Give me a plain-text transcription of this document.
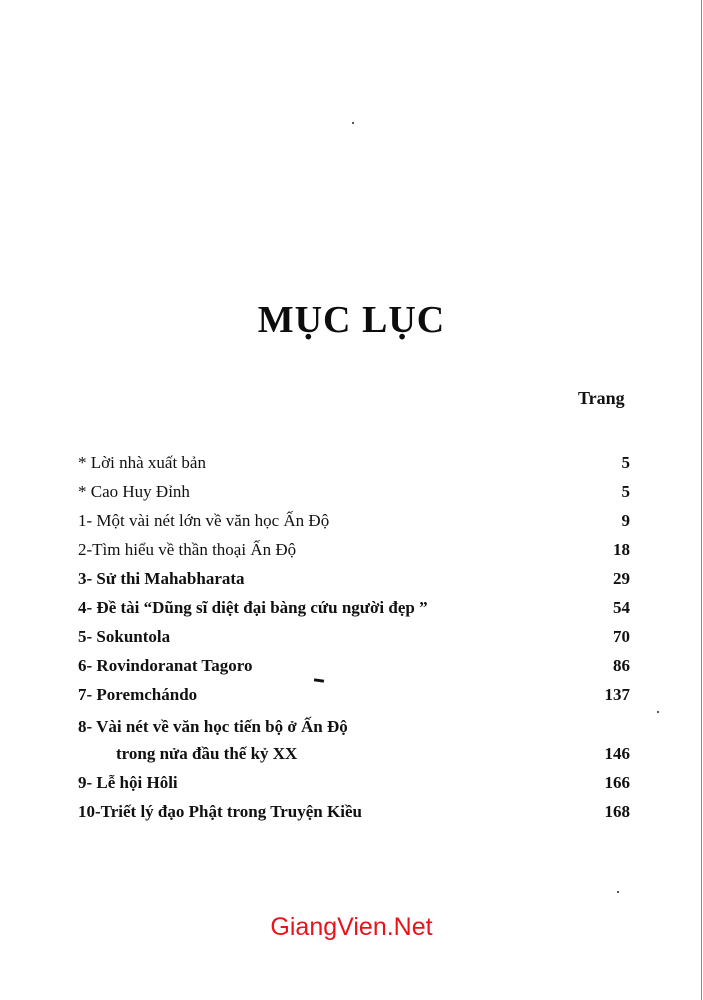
MỤC LỤC
Trang
* Lời nhà xuất bản	5
* Cao Huy Đỉnh	5
1- Một vài nét lớn về văn học Ấn Độ	9
2-Tìm hiểu về thần thoại Ấn Độ	18
3- Sử thi Mahabharata	29
4- Đề tài “Dũng sĩ diệt đại bàng cứu người đẹp ”	54
5- Sokuntola	70
6- Rovindoranat Tagoro	86
7- Poremchándo	137
8- Vài nét về văn học tiến bộ ở Ấn Độ
trong nửa đầu thế kỷ XX	146
9- Lễ hội Hôli	166
10-Triết lý đạo Phật trong Truyện Kiều	168
GiangVien.Net
